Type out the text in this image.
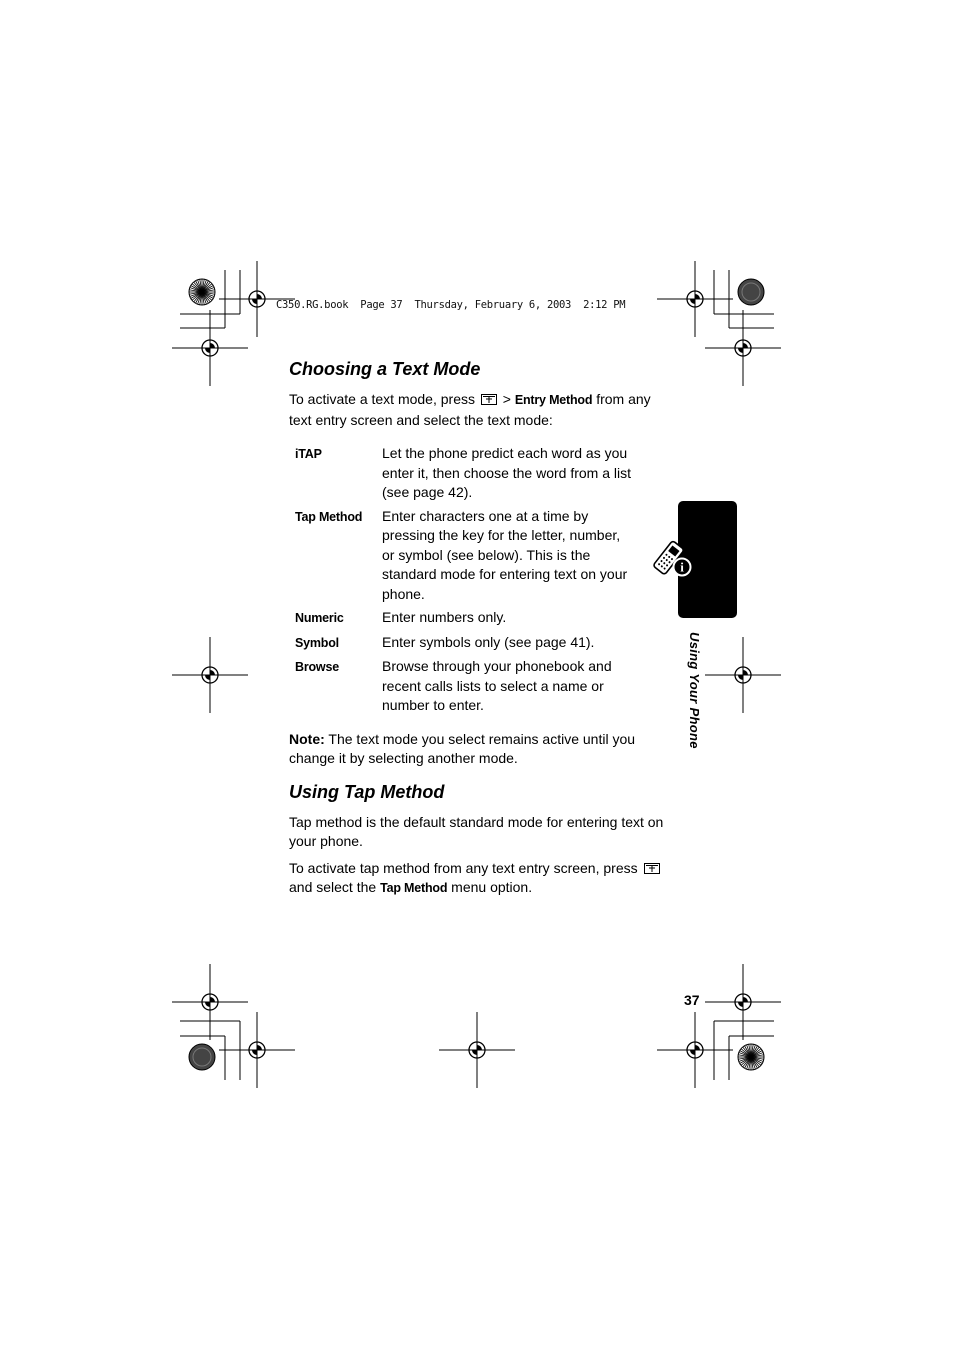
C350.RG.book  Page 37  Thursday, February 6, 2003  2:12 PM
Choosing a Text Mode

To activate a text mode, press > Entry Method from any text entry screen and select the text mode:

iTAP	Let the phone predict each word as you enter it, then choose the word from a list (see page 42).
Tap Method	Enter characters one at a time by pressing the key for the letter, number, or symbol (see below). This is the standard mode for entering text on your phone.
Numeric	Enter numbers only.
Symbol	Enter symbols only (see page 41).
Browse	Browse through your phonebook and recent calls lists to select a name or number to enter.

Note: The text mode you select remains active until you change it by selecting another mode.

Using Tap Method

Tap method is the default standard mode for entering text on your phone.

To activate tap method from any text entry screen, press
and select the Tap Method menu option.

i
Using Your Phone
37
